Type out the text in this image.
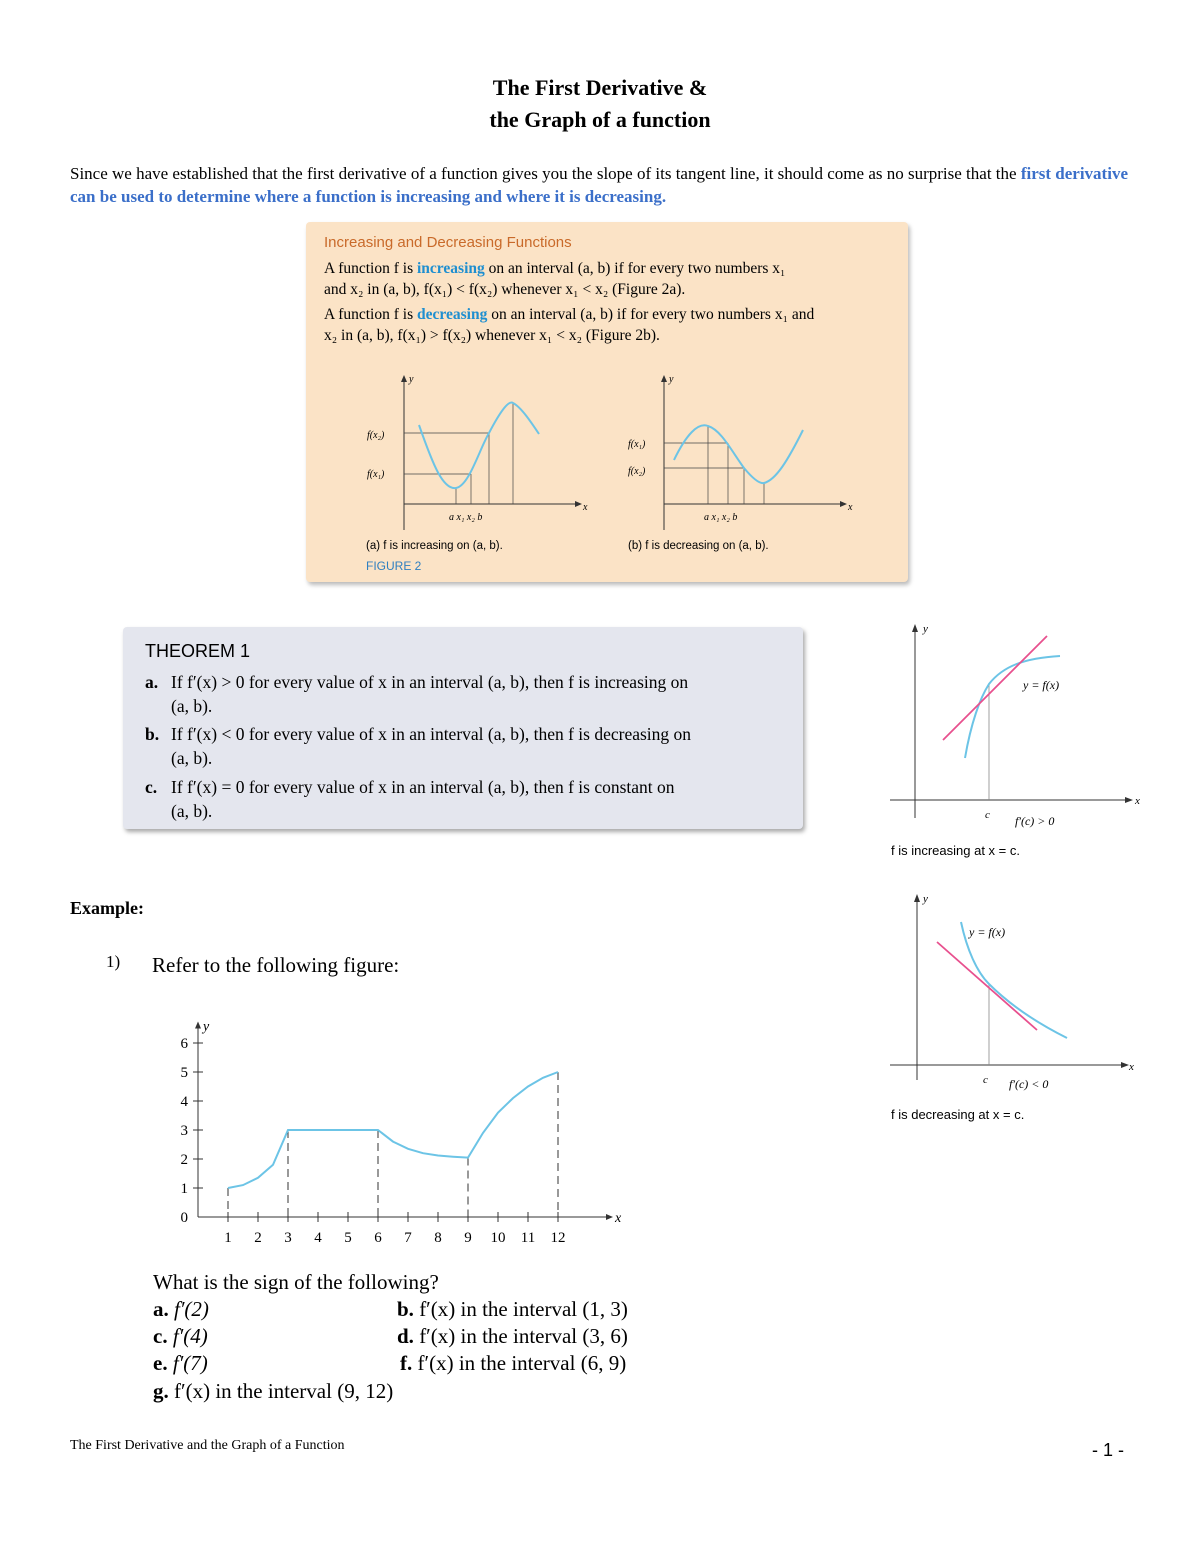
The First Derivative &
the Graph of a function
Since we have established that the first derivative of a function gives you the slope of its tangent line, it should come as no surprise that the first derivative can be used to determine where a function is increasing and where it is decreasing.
Increasing and Decreasing Functions
A function f is increasing on an interval (a, b) if for every two numbers x₁
and x₂ in (a, b), f(x₁) < f(x₂) whenever x₁ < x₂ (Figure 2a).
A function f is decreasing on an interval (a, b) if for every two numbers x₁ and
x₂ in (a, b), f(x₁) > f(x₂) whenever x₁ < x₂ (Figure 2b).
y
x
f(x₂)
f(x₁)
a x₁ x₂ b
y
x
f(x₁)
f(x₂)
a x₁ x₂ b
(a) f is increasing on (a, b).	(b) f is decreasing on (a, b).
FIGURE 2
THEOREM 1
a. If f′(x) > 0 for every value of x in an interval (a, b), then f is increasing on
(a, b).
b. If f′(x) < 0 for every value of x in an interval (a, b), then f is decreasing on
(a, b).
c. If f′(x) = 0 for every value of x in an interval (a, b), then f is constant on
(a, b).
y
x
y = f(x)
c f′(c) > 0
f is increasing at x = c.
y
x
y = f(x)
c f′(c) < 0
f is decreasing at x = c.
Example:
1) Refer to the following figure:
y
x
1 2 3 4 5 6 7 8 9 10 11 12
0
1
2
3
4
5
6
What is the sign of the following?
a. f′(2)	b. f′(x) in the interval (1, 3)
c. f′(4)	d. f′(x) in the interval (3, 6)
e. f′(7)	f. f′(x) in the interval (6, 9)
g. f′(x) in the interval (9, 12)
The First Derivative and the Graph of a Function	- 1 -
